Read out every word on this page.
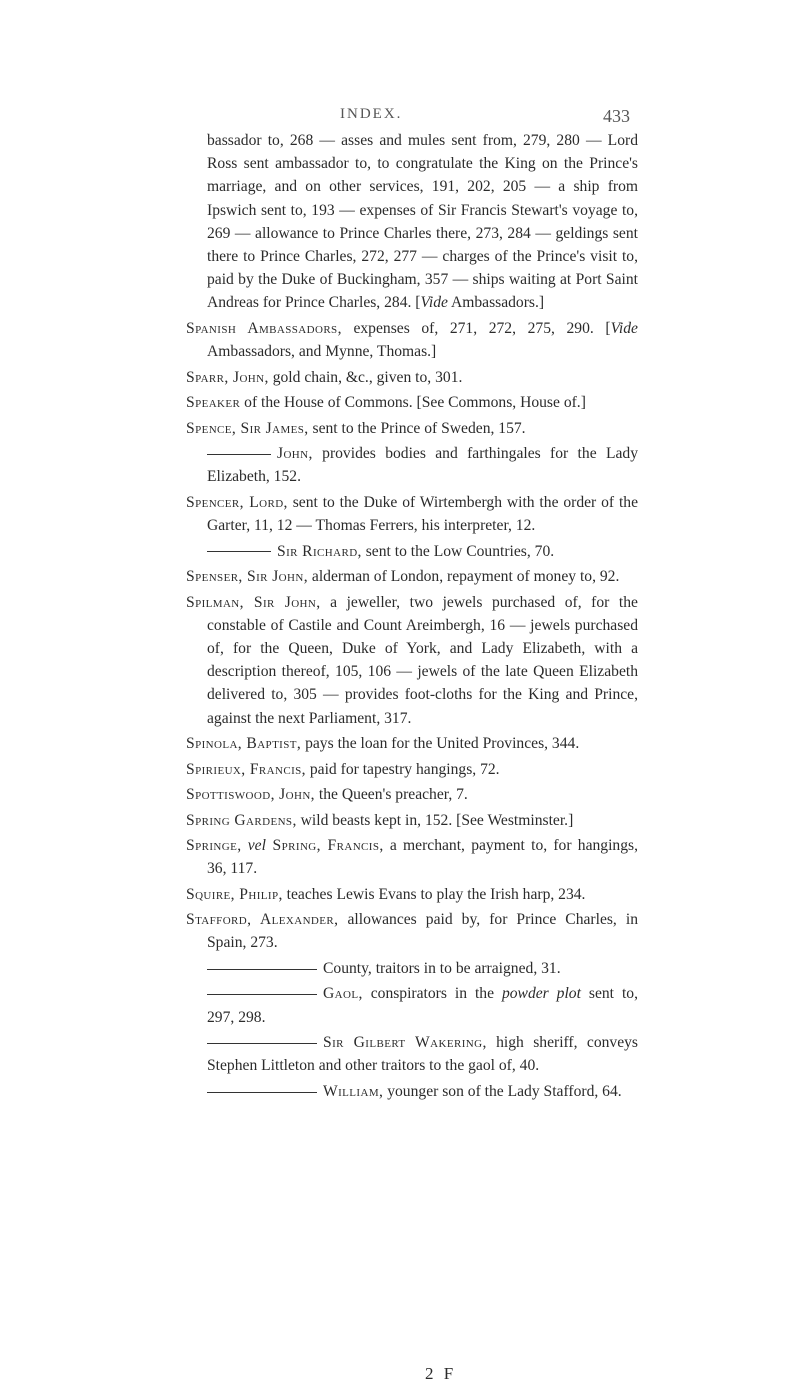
INDEX.	433

bassador to, 268 — asses and mules sent from, 279, 280 — Lord Ross sent ambassador to, to congratulate the King on the Prince's marriage, and on other services, 191, 202, 205 — a ship from Ipswich sent to, 193 — expenses of Sir Francis Stewart's voyage to, 269 — allowance to Prince Charles there, 273, 284 — geldings sent there to Prince Charles, 272, 277 — charges of the Prince's visit to, paid by the Duke of Buckingham, 357 — ships waiting at Port Saint Andreas for Prince Charles, 284. [Vide Ambassadors.]

Spanish Ambassadors, expenses of, 271, 272, 275, 290. [Vide Ambassadors, and Mynne, Thomas.]

Sparr, John, gold chain, &c., given to, 301.

Speaker of the House of Commons. [See Commons, House of.]

Spence, Sir James, sent to the Prince of Sweden, 157.

John, provides bodies and farthingales for the Lady Elizabeth, 152.

Spencer, Lord, sent to the Duke of Wirtembergh with the order of the Garter, 11, 12 — Thomas Ferrers, his interpreter, 12.

Sir Richard, sent to the Low Countries, 70.

Spenser, Sir John, alderman of London, repayment of money to, 92.

Spilman, Sir John, a jeweller, two jewels purchased of, for the constable of Castile and Count Areimbergh, 16 — jewels purchased of, for the Queen, Duke of York, and Lady Elizabeth, with a description thereof, 105, 106 — jewels of the late Queen Elizabeth delivered to, 305 — provides foot-cloths for the King and Prince, against the next Parliament, 317.

Spinola, Baptist, pays the loan for the United Provinces, 344.

Spirieux, Francis, paid for tapestry hangings, 72.

Spottiswood, John, the Queen's preacher, 7.

Spring Gardens, wild beasts kept in, 152. [See Westminster.]

Springe, vel Spring, Francis, a merchant, payment to, for hangings, 36, 117.

Squire, Philip, teaches Lewis Evans to play the Irish harp, 234.

Stafford, Alexander, allowances paid by, for Prince Charles, in Spain, 273.

County, traitors in to be arraigned, 31.

Gaol, conspirators in the powder plot sent to, 297, 298.

Sir Gilbert Wakering, high sheriff, conveys Stephen Littleton and other traitors to the gaol of, 40.

William, younger son of the Lady Stafford, 64.

2 F
